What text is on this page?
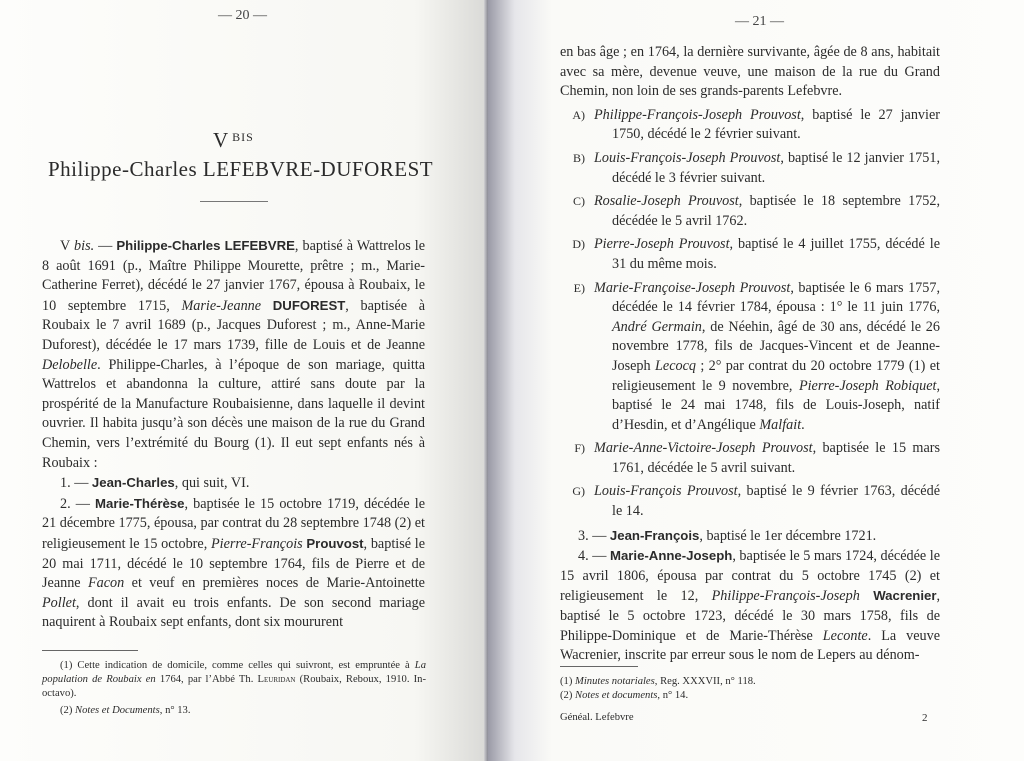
— 20 —
V $^{BIS}$
Philippe-Charles LEFEBVRE-DUFOREST

V bis. — Philippe-Charles LEFEBVRE, baptisé à Wattrelos le 8 août 1691 (p., Maître Philippe Mourette, prêtre ; m., Marie-Catherine Ferret), décédé le 27 janvier 1767, épousa à Roubaix, le 10 septembre 1715, Marie-Jeanne DUFOREST, baptisée à Roubaix le 7 avril 1689 (p., Jacques Duforest ; m., Anne-Marie Duforest), décédée le 17 mars 1739, fille de Louis et de Jeanne Delobelle. Philippe-Charles, à l’époque de son mariage, quitta Wattrelos et abandonna la culture, attiré sans doute par la prospérité de la Manufacture Roubaisienne, dans laquelle il devint ouvrier. Il habita jusqu’à son décès une maison de la rue du Grand Chemin, vers l’extrémité du Bourg (1). Il eut sept enfants nés à Roubaix :

1. — Jean-Charles, qui suit, VI.

2. — Marie-Thérèse, baptisée le 15 octobre 1719, décédée le 21 décembre 1775, épousa, par contrat du 28 septembre 1748 (2) et religieusement le 15 octobre, Pierre-François Prouvost, baptisé le 20 mai 1711, décédé le 10 septembre 1764, fils de Pierre et de Jeanne Facon et veuf en premières noces de Marie-Antoinette Pollet, dont il avait eu trois enfants. De son second mariage naquirent à Roubaix sept enfants, dont six moururent

(1) Cette indication de domicile, comme celles qui suivront, est empruntée à La population de Roubaix en 1764, par l’Abbé Th. Leuridan (Roubaix, Reboux, 1910. In-octavo).

(2) Notes et Documents, n° 13.

— 21 —

en bas âge ; en 1764, la dernière survivante, âgée de 8 ans, habitait avec sa mère, devenue veuve, une maison de la rue du Grand Chemin, non loin de ses grands-parents Lefebvre.

A) Philippe-François-Joseph Prouvost, baptisé le 27 janvier 1750, décédé le 2 février suivant.
B) Louis-François-Joseph Prouvost, baptisé le 12 janvier 1751, décédé le 3 février suivant.
C) Rosalie-Joseph Prouvost, baptisée le 18 septembre 1752, décédée le 5 avril 1762.
D) Pierre-Joseph Prouvost, baptisé le 4 juillet 1755, décédé le 31 du même mois.
E) Marie-Françoise-Joseph Prouvost, baptisée le 6 mars 1757, décédée le 14 février 1784, épousa : 1° le 11 juin 1776, André Germain, de Néehin, âgé de 30 ans, décédé le 26 novembre 1778, fils de Jacques-Vincent et de Jeanne-Joseph Lecocq ; 2° par contrat du 20 octobre 1779 (1) et religieusement le 9 novembre, Pierre-Joseph Robiquet, baptisé le 24 mai 1748, fils de Louis-Joseph, natif d’Hesdin, et d’Angélique Malfait.
F) Marie-Anne-Victoire-Joseph Prouvost, baptisée le 15 mars 1761, décédée le 5 avril suivant.
G) Louis-François Prouvost, baptisé le 9 février 1763, décédé le 14.

3. — Jean-François, baptisé le 1er décembre 1721.

4. — Marie-Anne-Joseph, baptisée le 5 mars 1724, décédée le 15 avril 1806, épousa par contrat du 5 octobre 1745 (2) et religieusement le 12, Philippe-François-Joseph Wacrenier, baptisé le 5 octobre 1723, décédé le 30 mars 1758, fils de Philippe-Dominique et de Marie-Thérèse Leconte. La veuve Wacrenier, inscrite par erreur sous le nom de Lepers au dénom-

(1) Minutes notariales, Reg. XXXVII, n° 118.

(2) Notes et documents, n° 14.

Généal. Lefebvre	2
